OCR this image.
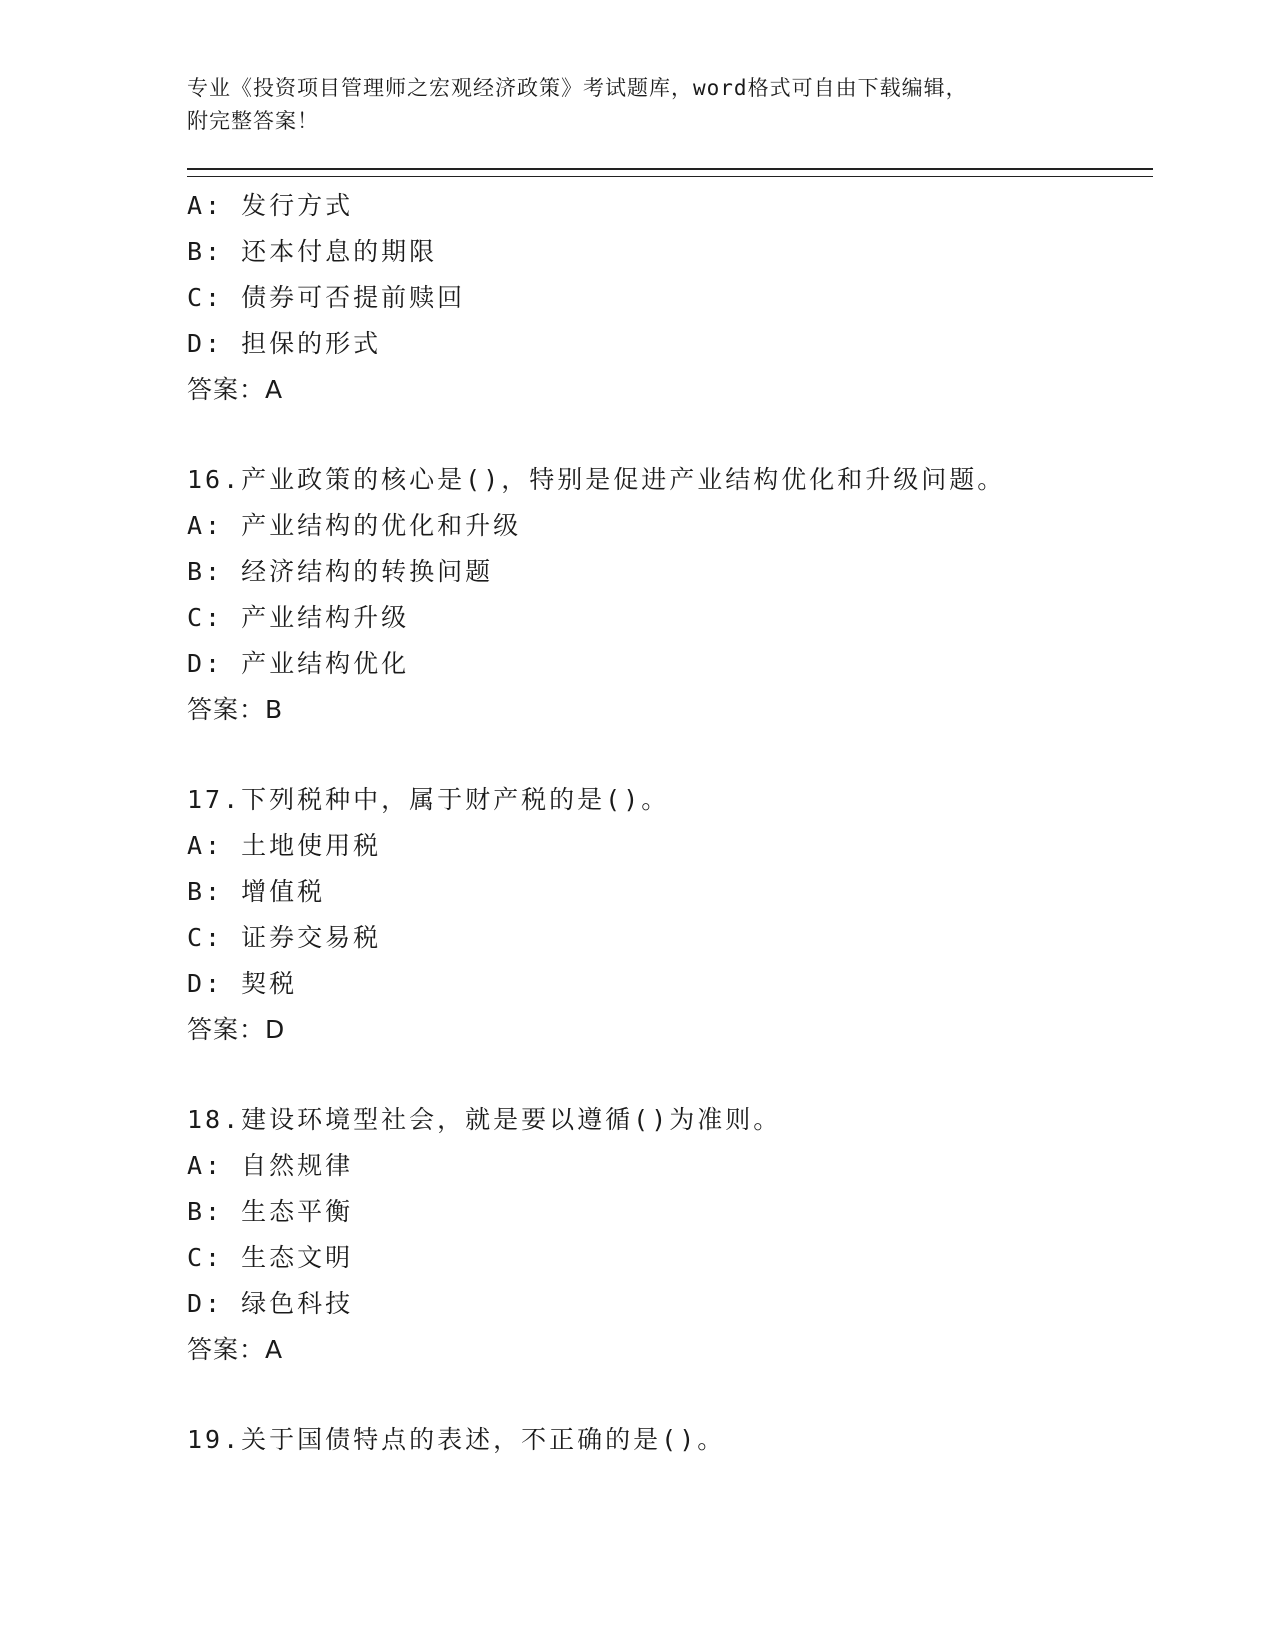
专业《投资项目管理师之宏观经济政策》考试题库，word格式可自由下载编辑，
附完整答案！
A: 发行方式
B: 还本付息的期限
C: 债券可否提前赎回
D: 担保的形式
答案：A
16.产业政策的核心是()，特别是促进产业结构优化和升级问题。
A: 产业结构的优化和升级
B: 经济结构的转换问题
C: 产业结构升级
D: 产业结构优化
答案：B
17.下列税种中，属于财产税的是()。
A: 土地使用税
B: 增值税
C: 证券交易税
D: 契税
答案：D
18.建设环境型社会，就是要以遵循()为准则。
A: 自然规律
B: 生态平衡
C: 生态文明
D: 绿色科技
答案：A
19.关于国债特点的表述，不正确的是()。
